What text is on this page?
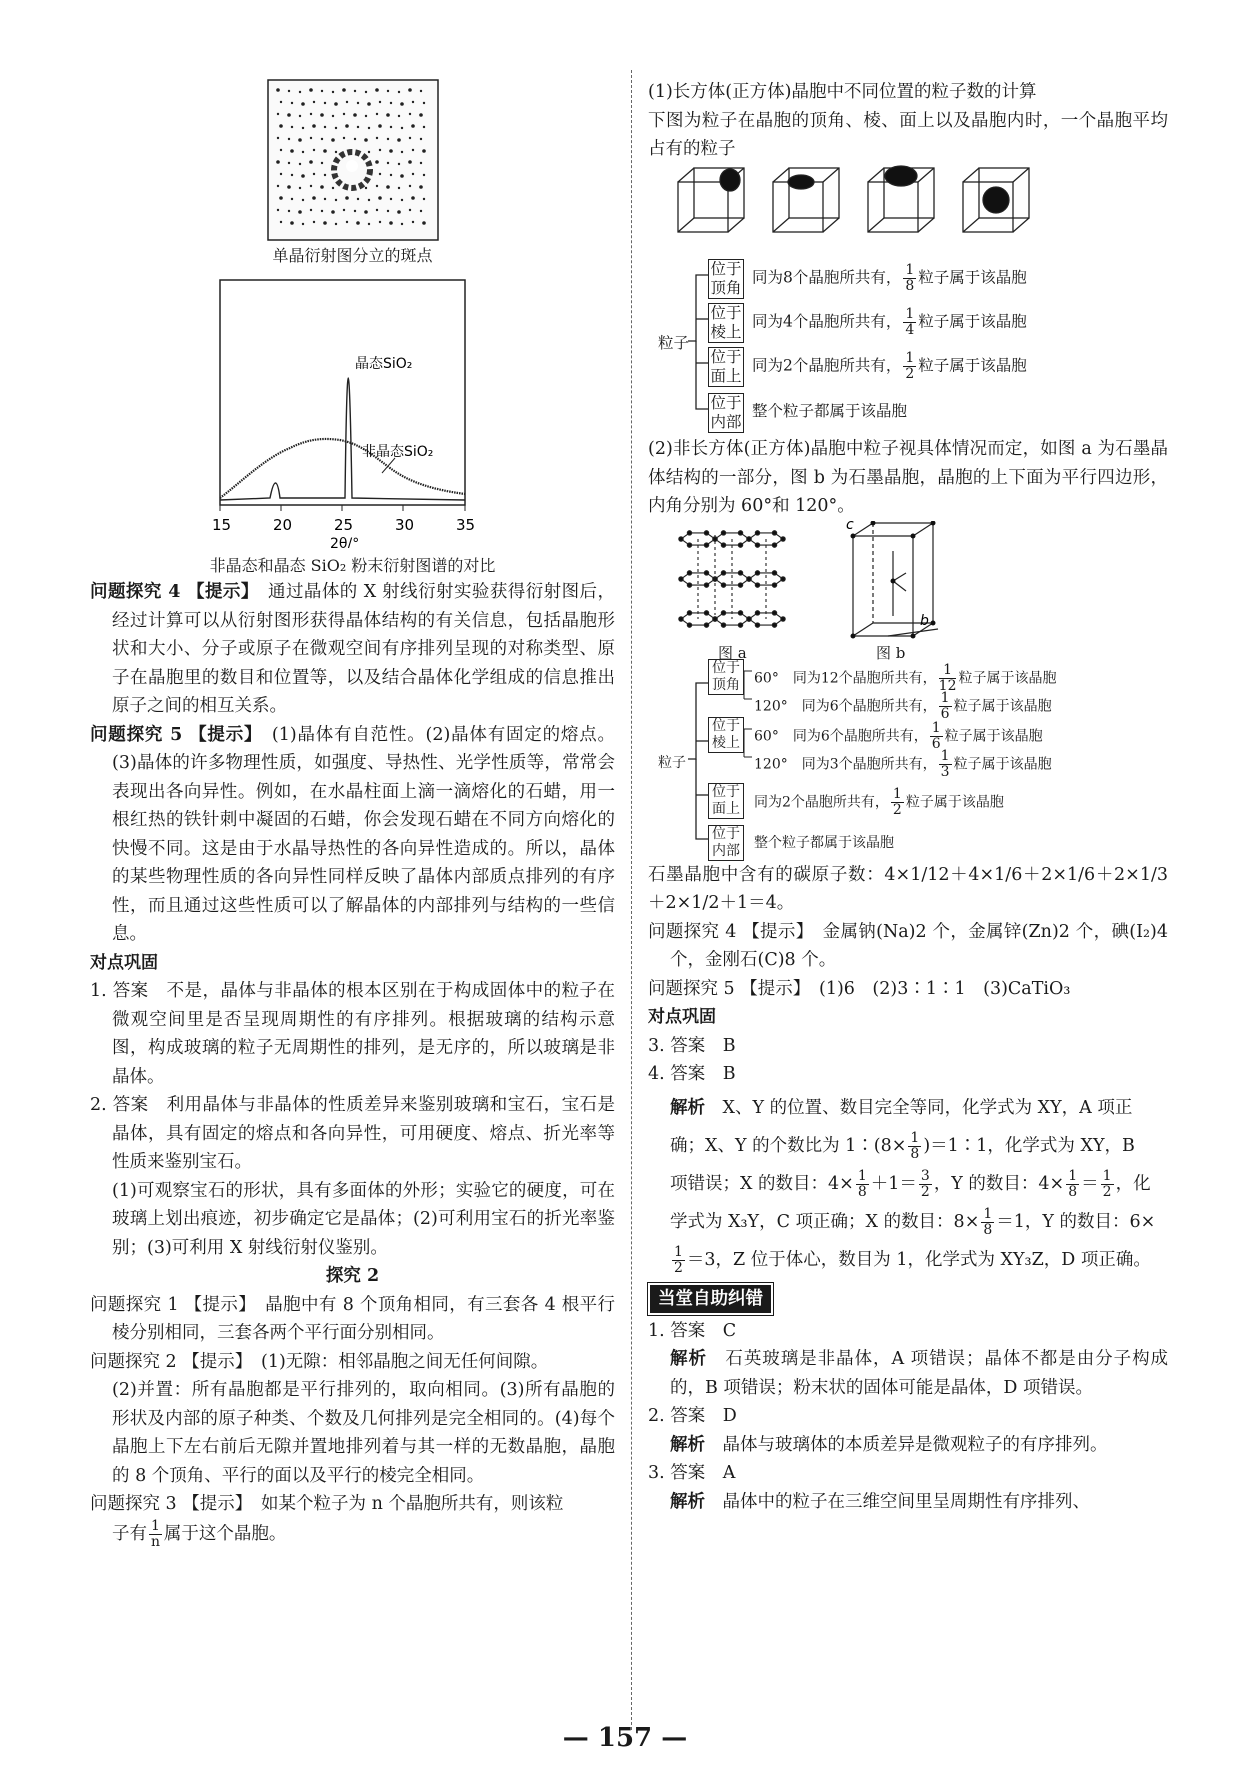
单晶衍射图分立的斑点
晶态SiO₂
非晶态SiO₂
15	20	25	30	35
2θ/°
非晶态和晶态 SiO₂ 粉末衍射图谱的对比

问题探究 4 【提示】　 通过晶体的 X 射线衍射实验获得衍射图后，经过计算可以从衍射图形获得晶体结构的有关信息，包括晶胞形状和大小、分子或原子在微观空间有序排列呈现的对称类型、原子在晶胞里的数目和位置等，以及结合晶体化学组成的信息推出原子之间的相互关系。

问题探究 5 【提示】　 (1)晶体有自范性。(2)晶体有固定的熔点。(3)晶体的许多物理性质，如强度、导热性、光学性质等，常常会表现出各向异性。例如，在水晶柱面上滴一滴熔化的石蜡，用一根红热的铁针刺中凝固的石蜡，你会发现石蜡在不同方向熔化的快慢不同。这是由于水晶导热性的各向异性造成的。所以，晶体的某些物理性质的各向异性同样反映了晶体内部质点排列的有序性，而且通过这些性质可以了解晶体的内部排列与结构的一些信息。

对点巩固

1. 答案　不是，晶体与非晶体的根本区别在于构成固体中的粒子在微观空间里是否呈现周期性的有序排列。根据玻璃的结构示意图，构成玻璃的粒子无周期性的排列，是无序的，所以玻璃是非晶体。

2. 答案　利用晶体与非晶体的性质差异来鉴别玻璃和宝石，宝石是晶体，具有固定的熔点和各向异性，可用硬度、熔点、折光率等性质来鉴别宝石。

(1)可观察宝石的形状，具有多面体的外形；实验它的硬度，可在玻璃上划出痕迹，初步确定它是晶体；(2)可利用宝石的折光率鉴别；(3)可利用 X 射线衍射仪鉴别。

探究 2

问题探究 1 【提示】　晶胞中有 8 个顶角相同，有三套各 4 根平行棱分别相同，三套各两个平行面分别相同。

问题探究 2 【提示】　(1)无隙：相邻晶胞之间无任何间隙。

(2)并置：所有晶胞都是平行排列的，取向相同。(3)所有晶胞的形状及内部的原子种类、个数及几何排列是完全相同的。(4)每个晶胞上下左右前后无隙并置地排列着与其一样的无数晶胞，晶胞的 8 个顶角、平行的面以及平行的棱完全相同。

问题探究 3 【提示】　如某个粒子为 n 个晶胞所共有，则该粒

子有 $\frac{1}{n}$ 属于这个晶胞。

(1)长方体(正方体)晶胞中不同位置的粒子数的计算

下图为粒子在晶胞的顶角、棱、面上以及晶胞内时，一个晶胞平均占有的粒子

粒子
位于顶角
同为8个晶胞所共有， $\frac{1}{8}$ 粒子属于该晶胞
位于棱上
同为4个晶胞所共有， $\frac{1}{4}$ 粒子属于该晶胞
位于面上
同为2个晶胞所共有， $\frac{1}{2}$ 粒子属于该晶胞
位于内部
整个粒子都属于该晶胞

(2)非长方体(正方体)晶胞中粒子视具体情况而定，如图 a 为石墨晶体结构的一部分，图 b 为石墨晶胞，晶胞的上下面为平行四边形，内角分别为 60°和 120°。

c
b
图 a	图 b
粒子
位于顶角 60°　 同为12个晶胞所共有， $\frac{1}{12}$ 粒子属于该晶胞
120°　 同为6个晶胞所共有， $\frac{1}{6}$ 粒子属于该晶胞
位于棱上 60°　 同为6个晶胞所共有， $\frac{1}{6}$ 粒子属于该晶胞
120°　 同为3个晶胞所共有， $\frac{1}{3}$ 粒子属于该晶胞
位于面上 同为2个晶胞所共有， $\frac{1}{2}$ 粒子属于该晶胞
位于内部 整个粒子都属于该晶胞

石墨晶胞中含有的碳原子数：4×1/12＋4×1/6＋2×1/6＋2×1/3＋2×1/2＋1＝4。

问题探究 4 【提示】　金属钠(Na)2 个，金属锌(Zn)2 个，碘(I₂)4 个，金刚石(C)8 个。

问题探究 5 【提示】　(1)6　(2)3∶1∶1　(3)CaTiO₃

对点巩固

3. 答案　B

4. 答案　B

解析　 X、Y 的位置、数目完全等同，化学式为 XY，A 项正
确；X、Y 的个数比为 1∶(8× $\frac{1}{8}$ )＝1∶1，化学式为 XY，B
项错误；X 的数目：$4\times \frac{1}{8} +1= \frac{3}{2}$ ，Y 的数目：$4\times \frac{1}{8} = \frac{1}{2}$ ，化
学式为 X₃Y，C 项正确；X 的数目：$8\times \frac{1}{8} =1$，Y 的数目：6×
$\frac{1}{2} =3$，Z 位于体心，数目为 1，化学式为 XY₃Z，D 项正确。
当堂自助纠错

1. 答案　C

解析　 石英玻璃是非晶体，A 项错误；晶体不都是由分子构成的，B 项错误；粉末状的固体可能是晶体，D 项错误。

2. 答案　D

解析　 晶体与玻璃体的本质差异是微观粒子的有序排列。

3. 答案　A

解析　 晶体中的粒子在三维空间里呈周期性有序排列、

— 157 —
